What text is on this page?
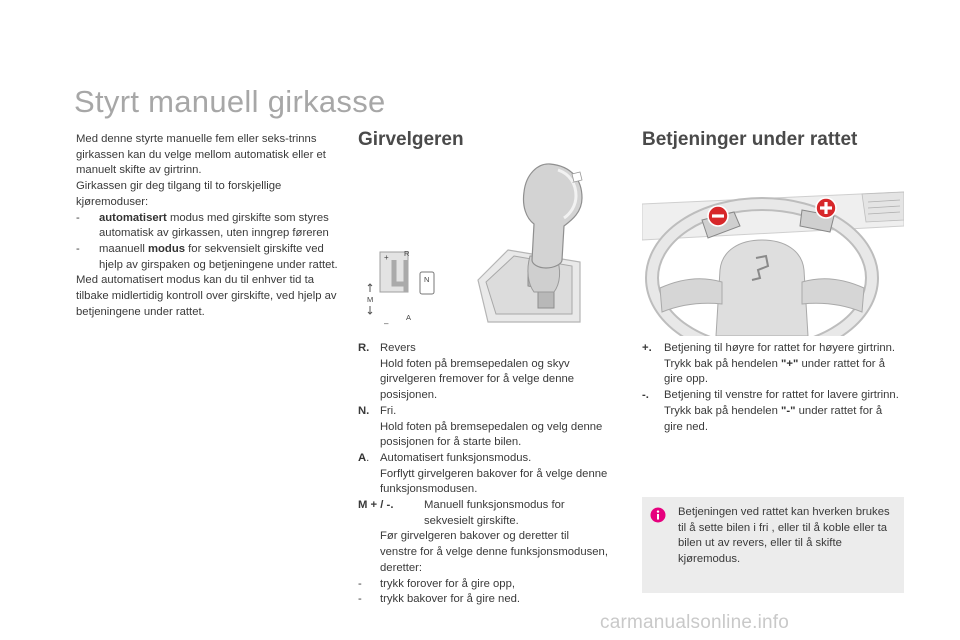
Styrt manuell girkasse

Med denne styrte manuelle fem eller seks-trinns girkassen kan du velge mellom automatisk eller et manuelt skifte av girtrinn.

Girkassen gir deg tilgang til to forskjellige kjøremoduser:

-	automatisert modus med girskifte som styres automatisk av girkassen, uten inngrep føreren
-	maanuell modus for sekvensielt girskifte ved hjelp av girspaken og betjeningene under rattet.

Med automatisert modus kan du til enhver tid ta tilbake midlertidig kontroll over girskifte, ved hjelp av betjeningene under rattet.

Girvelgeren
·
R
N
A
M
+
–
R. Revers
Hold foten på bremsepedalen og skyv girvelgeren fremover for å velge denne posisjonen.
N. Fri.
Hold foten på bremsepedalen og velg denne posisjonen for å starte bilen.
A. Automatisert funksjonsmodus.
Forflytt girvelgeren bakover for å velge denne funksjonsmodusen.
M + / -.	Manuell funksjonsmodus for sekvesielt girskifte.
Før girvelgeren bakover og deretter til venstre for å velge denne funksjonsmodusen, deretter:
-	trykk forover for å gire opp,
-	trykk bakover for å gire ned.
Betjeninger under rattet
+.	Betjening til høyre for rattet for høyere girtrinn.
Trykk bak på hendelen "+" under rattet for å gire opp.
-.	Betjening til venstre for rattet for lavere girtrinn.
Trykk bak på hendelen "-" under rattet for å gire ned.

Betjeningen ved rattet kan hverken brukes til å sette bilen i fri , eller til å koble eller ta bilen ut av revers, eller til å skifte kjøremodus.

carmanualsonline.info
